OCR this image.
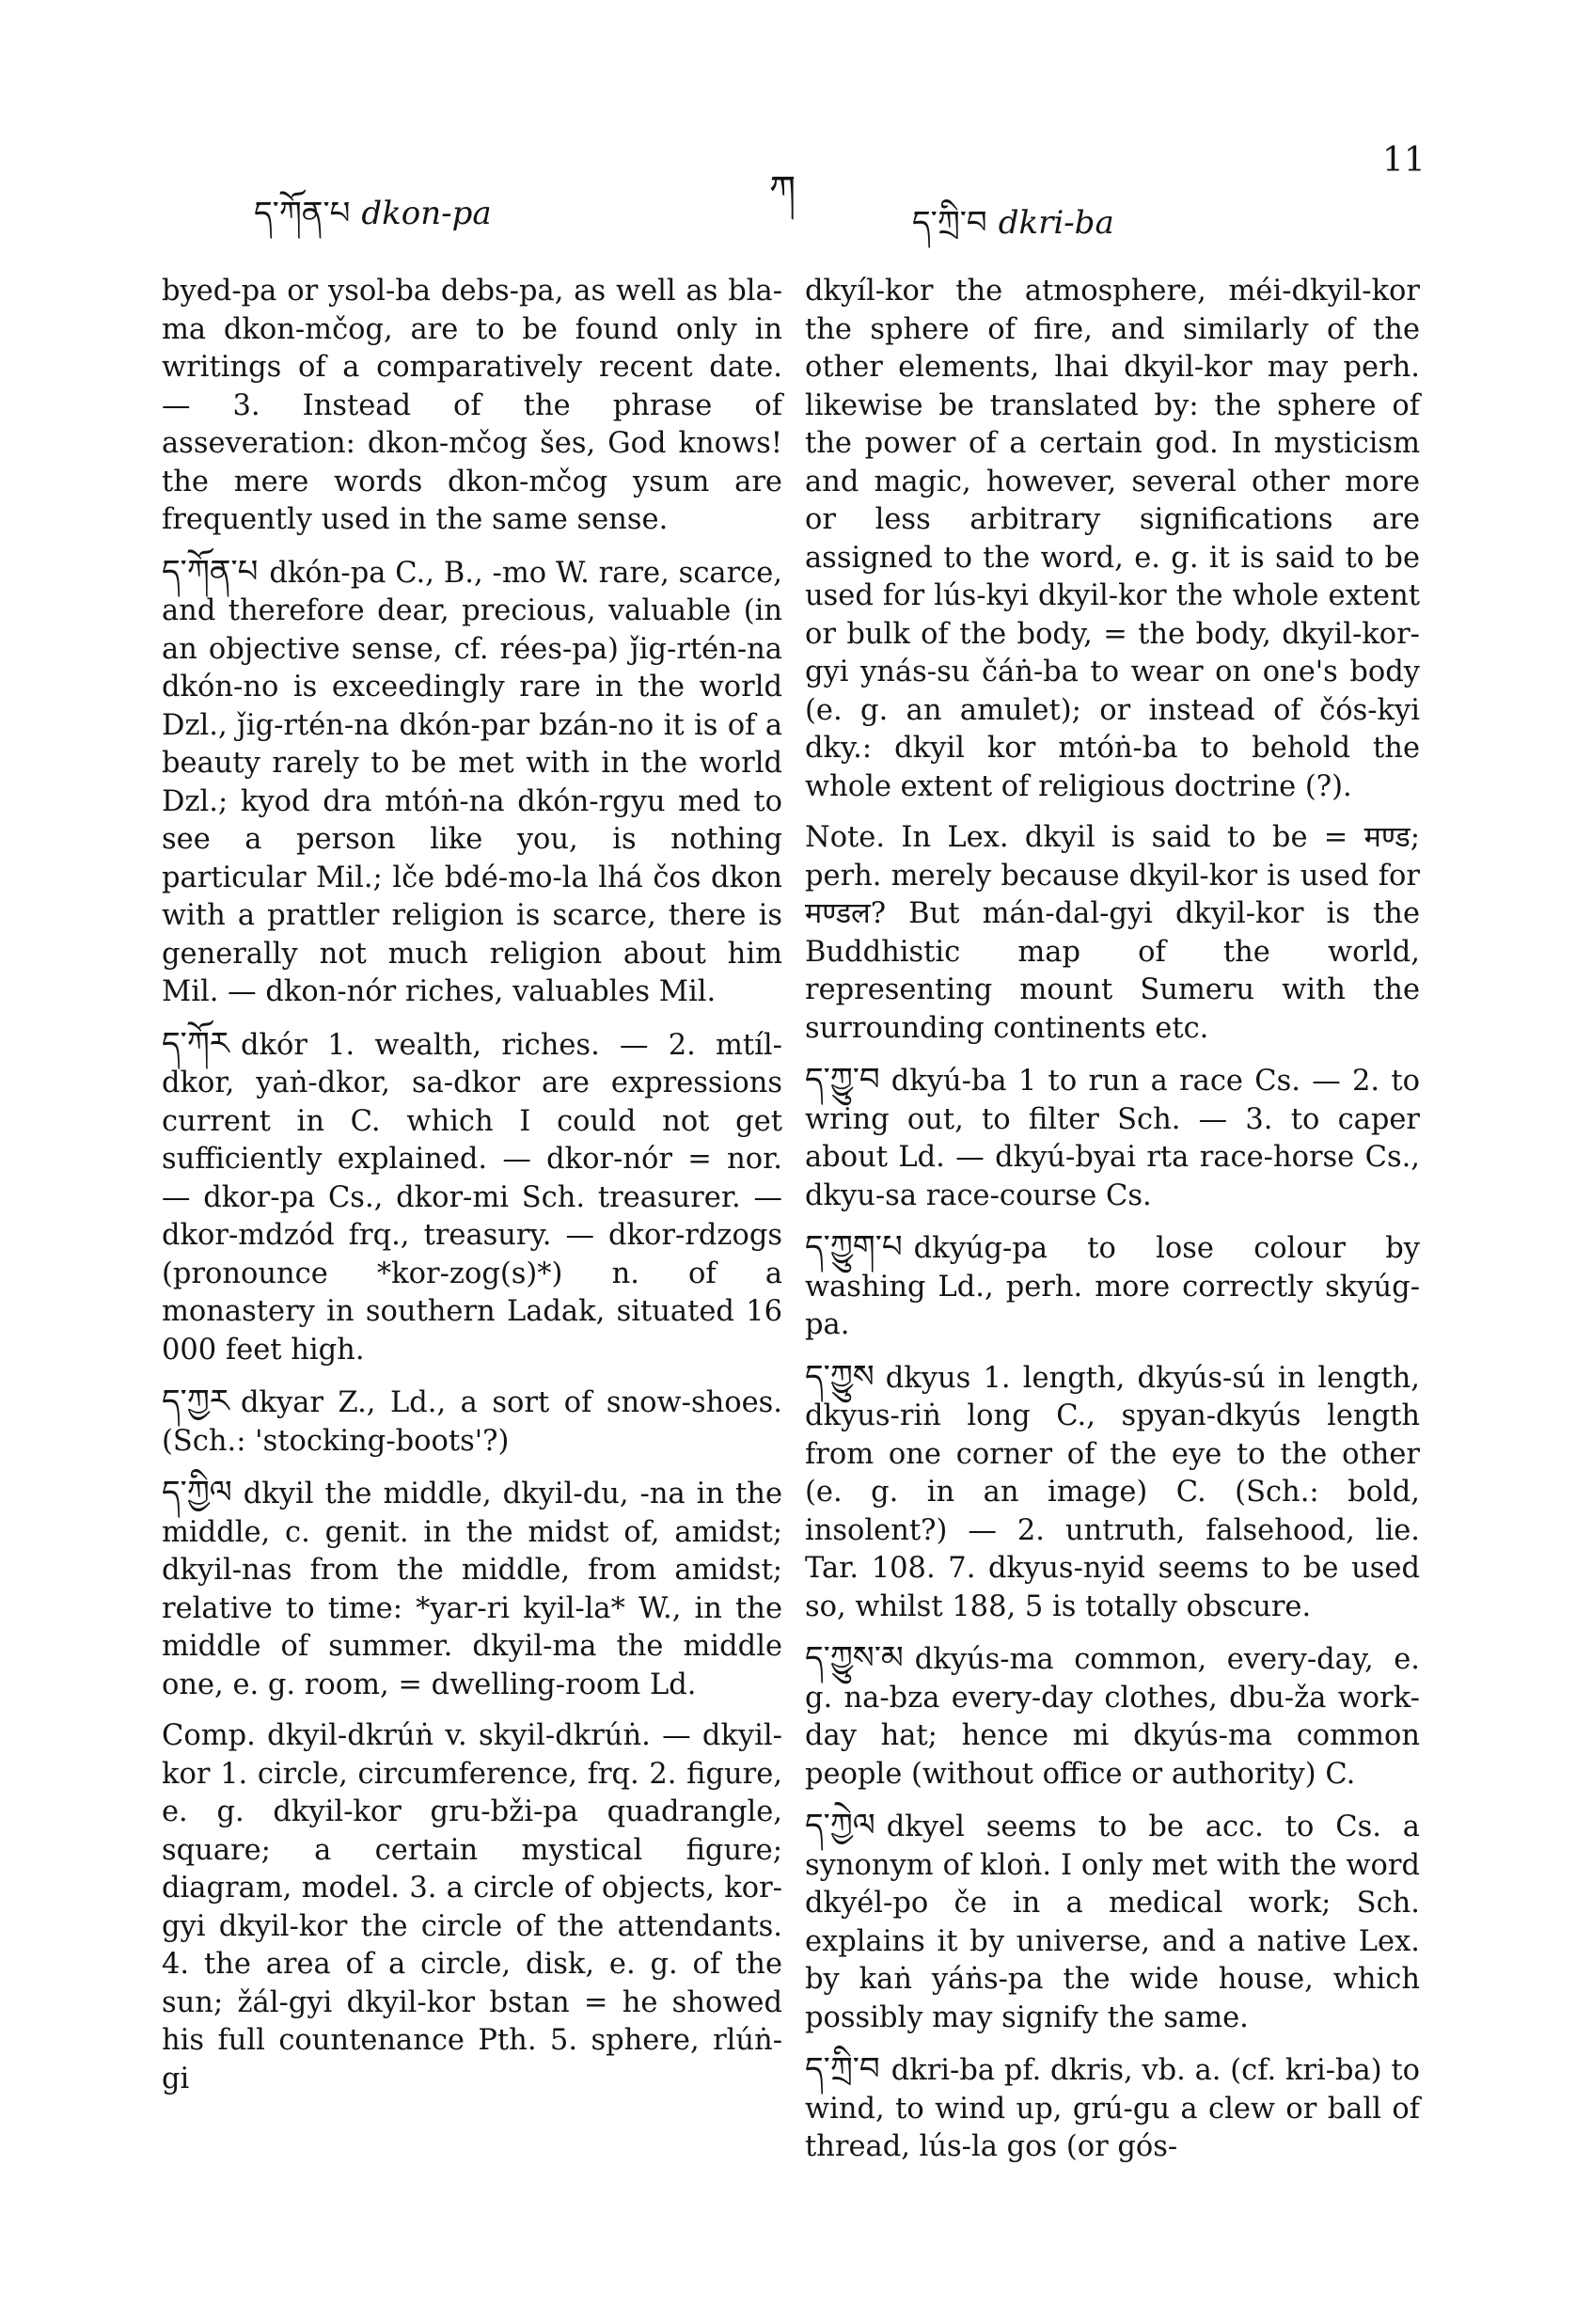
ད་ཀོན་པ dkon-pa
ཀ
ད་ཀྲི་བ dkri-ba
11

byed-pa or ysol-ba debs-pa, as well as bla-ma dkon-mčog, are to be found only in writings of a comparatively recent date. — 3. Instead of the phrase of asseveration: dkon-mčog šes, God knows! the mere words dkon-mčog ysum are frequently used in the same sense.

ད་ཀོན་པ dkón-pa C., B., -mo W. rare, scarce, and therefore dear, precious, valuable (in an objective sense, cf. rées-pa) ǰig-rtén-na dkón-no is exceedingly rare in the world Dzl., ǰig-rtén-na dkón-par bzán-no it is of a beauty rarely to be met with in the world Dzl.; kyod dra mtóṅ-na dkón-rgyu med to see a person like you, is nothing particular Mil.; lče bdé-mo-la lhá čos dkon with a prattler religion is scarce, there is generally not much religion about him Mil. — dkon-nór riches, valuables Mil.

ད་ཀོར dkór 1. wealth, riches. — 2. mtíl-dkor, yaṅ-dkor, sa-dkor are expressions current in C. which I could not get sufficiently explained. — dkor-nór = nor. — dkor-pa Cs., dkor-mi Sch. treasurer. — dkor-mdzód frq., treasury. — dkor-rdzogs (pronounce *kor-zog(s)*) n. of a monastery in southern Ladak, situated 16 000 feet high.

ད་ཀྱར dkyar Z., Ld., a sort of snow-shoes. (Sch.: 'stocking-boots'?)

ད་ཀྱིལ dkyil the middle, dkyil-du, -na in the middle, c. genit. in the midst of, amidst; dkyil-nas from the middle, from amidst; relative to time: *yar-ri kyil-la* W., in the middle of summer. dkyil-ma the middle one, e. g. room, = dwelling-room Ld.

Comp. dkyil-dkrúṅ v. skyil-dkrúṅ. — dkyil-kor 1. circle, circumference, frq. 2. figure, e. g. dkyil-kor gru-bži-pa quadrangle, square; a certain mystical figure; diagram, model. 3. a circle of objects, kor-gyi dkyil-kor the circle of the attendants. 4. the area of a circle, disk, e. g. of the sun; žál-gyi dkyil-kor bstan = he showed his full countenance Pth. 5. sphere, rlúṅ-gi

dkyíl-kor the atmosphere, méi-dkyil-kor the sphere of fire, and similarly of the other elements, lhai dkyil-kor may perh. likewise be translated by: the sphere of the power of a certain god. In mysticism and magic, however, several other more or less arbitrary significations are assigned to the word, e. g. it is said to be used for lús-kyi dkyil-kor the whole extent or bulk of the body, = the body, dkyil-kor-gyi ynás-su čáṅ-ba to wear on one's body (e. g. an amulet); or instead of čós-kyi dky.: dkyil kor mtóṅ-ba to behold the whole extent of religious doctrine (?).

Note. In Lex. dkyil is said to be = मण्ड; perh. merely because dkyil-kor is used for मण्डल? But mán-dal-gyi dkyil-kor is the Buddhistic map of the world, representing mount Sumeru with the surrounding continents etc.

ད་ཀྱུ་བ dkyú-ba 1 to run a race Cs. — 2. to wring out, to filter Sch. — 3. to caper about Ld. — dkyú-byai rta race-horse Cs., dkyu-sa race-course Cs.

ད་ཀྱུག་པ dkyúg-pa to lose colour by washing Ld., perh. more correctly skyúg-pa.

ད་ཀྱུས dkyus 1. length, dkyús-sú in length, dkyus-riṅ long C., spyan-dkyús length from one corner of the eye to the other (e. g. in an image) C. (Sch.: bold, insolent?) — 2. untruth, falsehood, lie. Tar. 108. 7. dkyus-nyid seems to be used so, whilst 188, 5 is totally obscure.

ད་ཀྱུས་མ dkyús-ma common, every-day, e. g. na-bza every-day clothes, dbu-ža work-day hat; hence mi dkyús-ma common people (without office or authority) C.

ད་ཀྱེལ dkyel seems to be acc. to Cs. a synonym of kloṅ. I only met with the word dkyél-po če in a medical work; Sch. explains it by universe, and a native Lex. by kaṅ yáṅs-pa the wide house, which possibly may signify the same.

ད་ཀྲི་བ dkri-ba pf. dkris, vb. a. (cf. kri-ba) to wind, to wind up, grú-gu a clew or ball of thread, lús-la gos (or gós-
